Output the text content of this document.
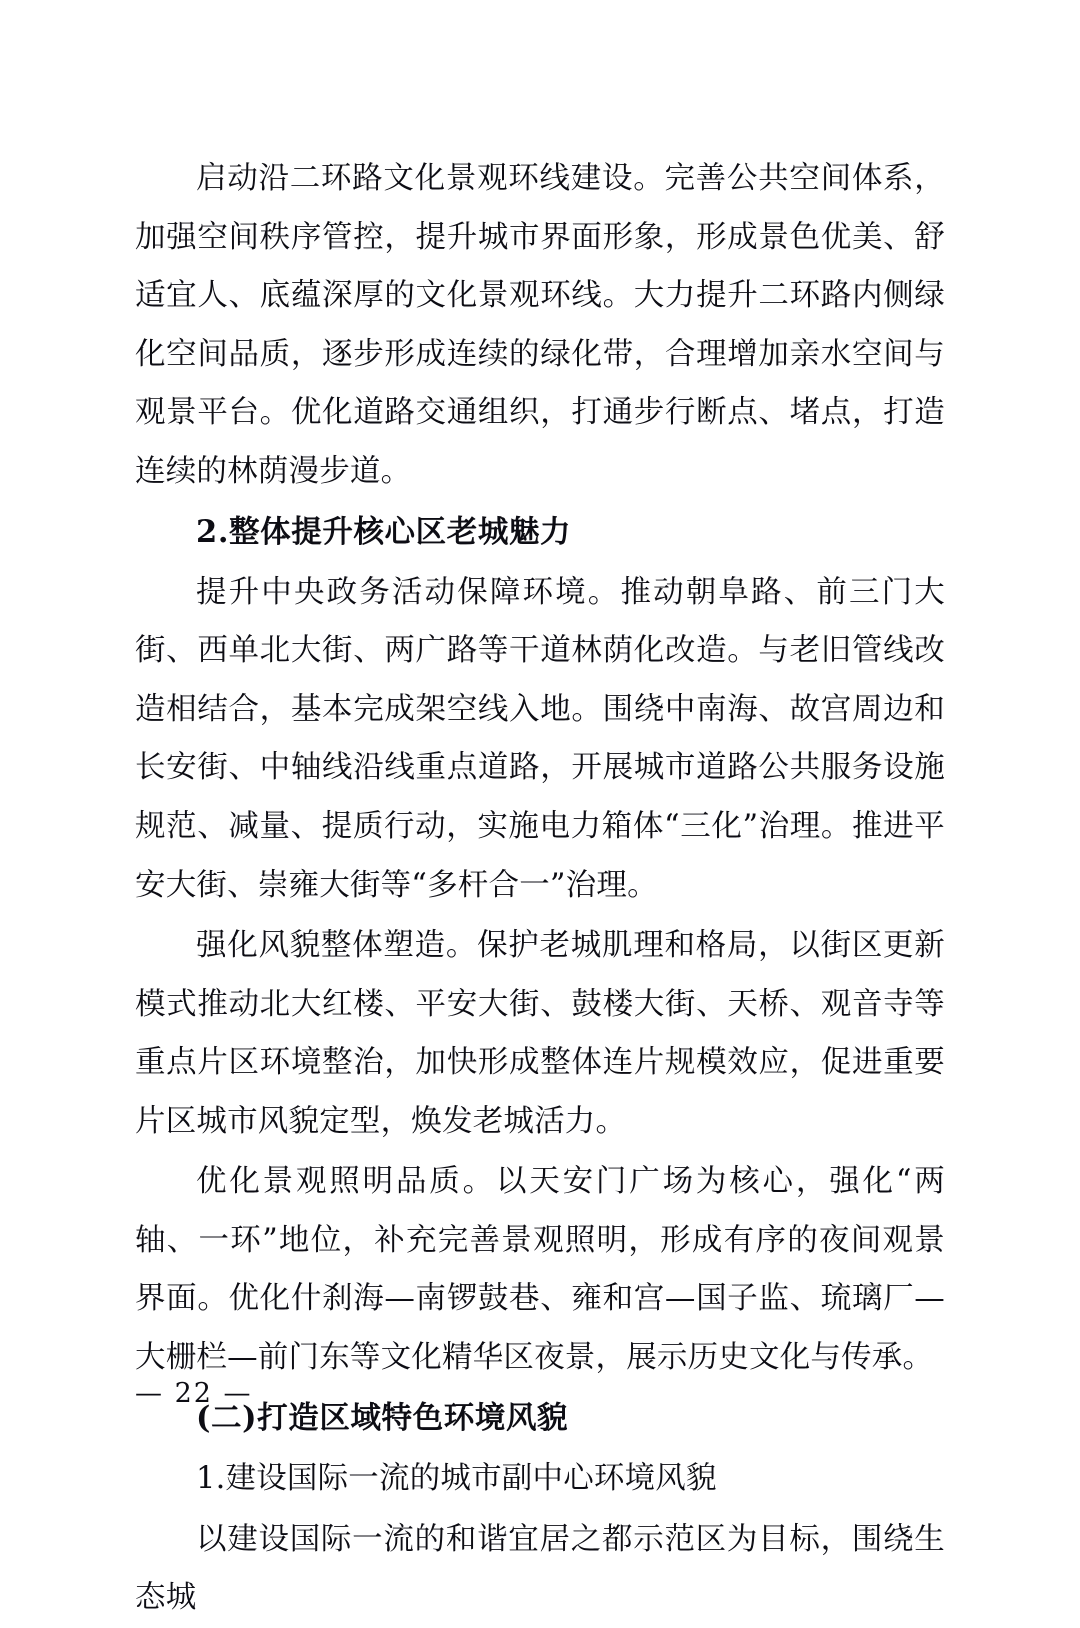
启动沿二环路文化景观环线建设。完善公共空间体系，加强空间秩序管控，提升城市界面形象，形成景色优美、舒适宜人、底蕴深厚的文化景观环线。大力提升二环路内侧绿化空间品质，逐步形成连续的绿化带，合理增加亲水空间与观景平台。优化道路交通组织，打通步行断点、堵点，打造连续的林荫漫步道。

2.整体提升核心区老城魅力

提升中央政务活动保障环境。推动朝阜路、前三门大街、西单北大街、两广路等干道林荫化改造。与老旧管线改造相结合，基本完成架空线入地。围绕中南海、故宫周边和长安街、中轴线沿线重点道路，开展城市道路公共服务设施规范、减量、提质行动，实施电力箱体“三化”治理。推进平安大街、崇雍大街等“多杆合一”治理。

强化风貌整体塑造。保护老城肌理和格局，以街区更新模式推动北大红楼、平安大街、鼓楼大街、天桥、观音寺等重点片区环境整治，加快形成整体连片规模效应，促进重要片区城市风貌定型，焕发老城活力。

优化景观照明品质。以天安门广场为核心，强化“两轴、一环”地位，补充完善景观照明，形成有序的夜间观景界面。优化什刹海—南锣鼓巷、雍和宫—国子监、琉璃厂—大栅栏—前门东等文化精华区夜景，展示历史文化与传承。

(二)打造区域特色环境风貌

1.建设国际一流的城市副中心环境风貌

以建设国际一流的和谐宜居之都示范区为目标，围绕生态城

— 22 —
